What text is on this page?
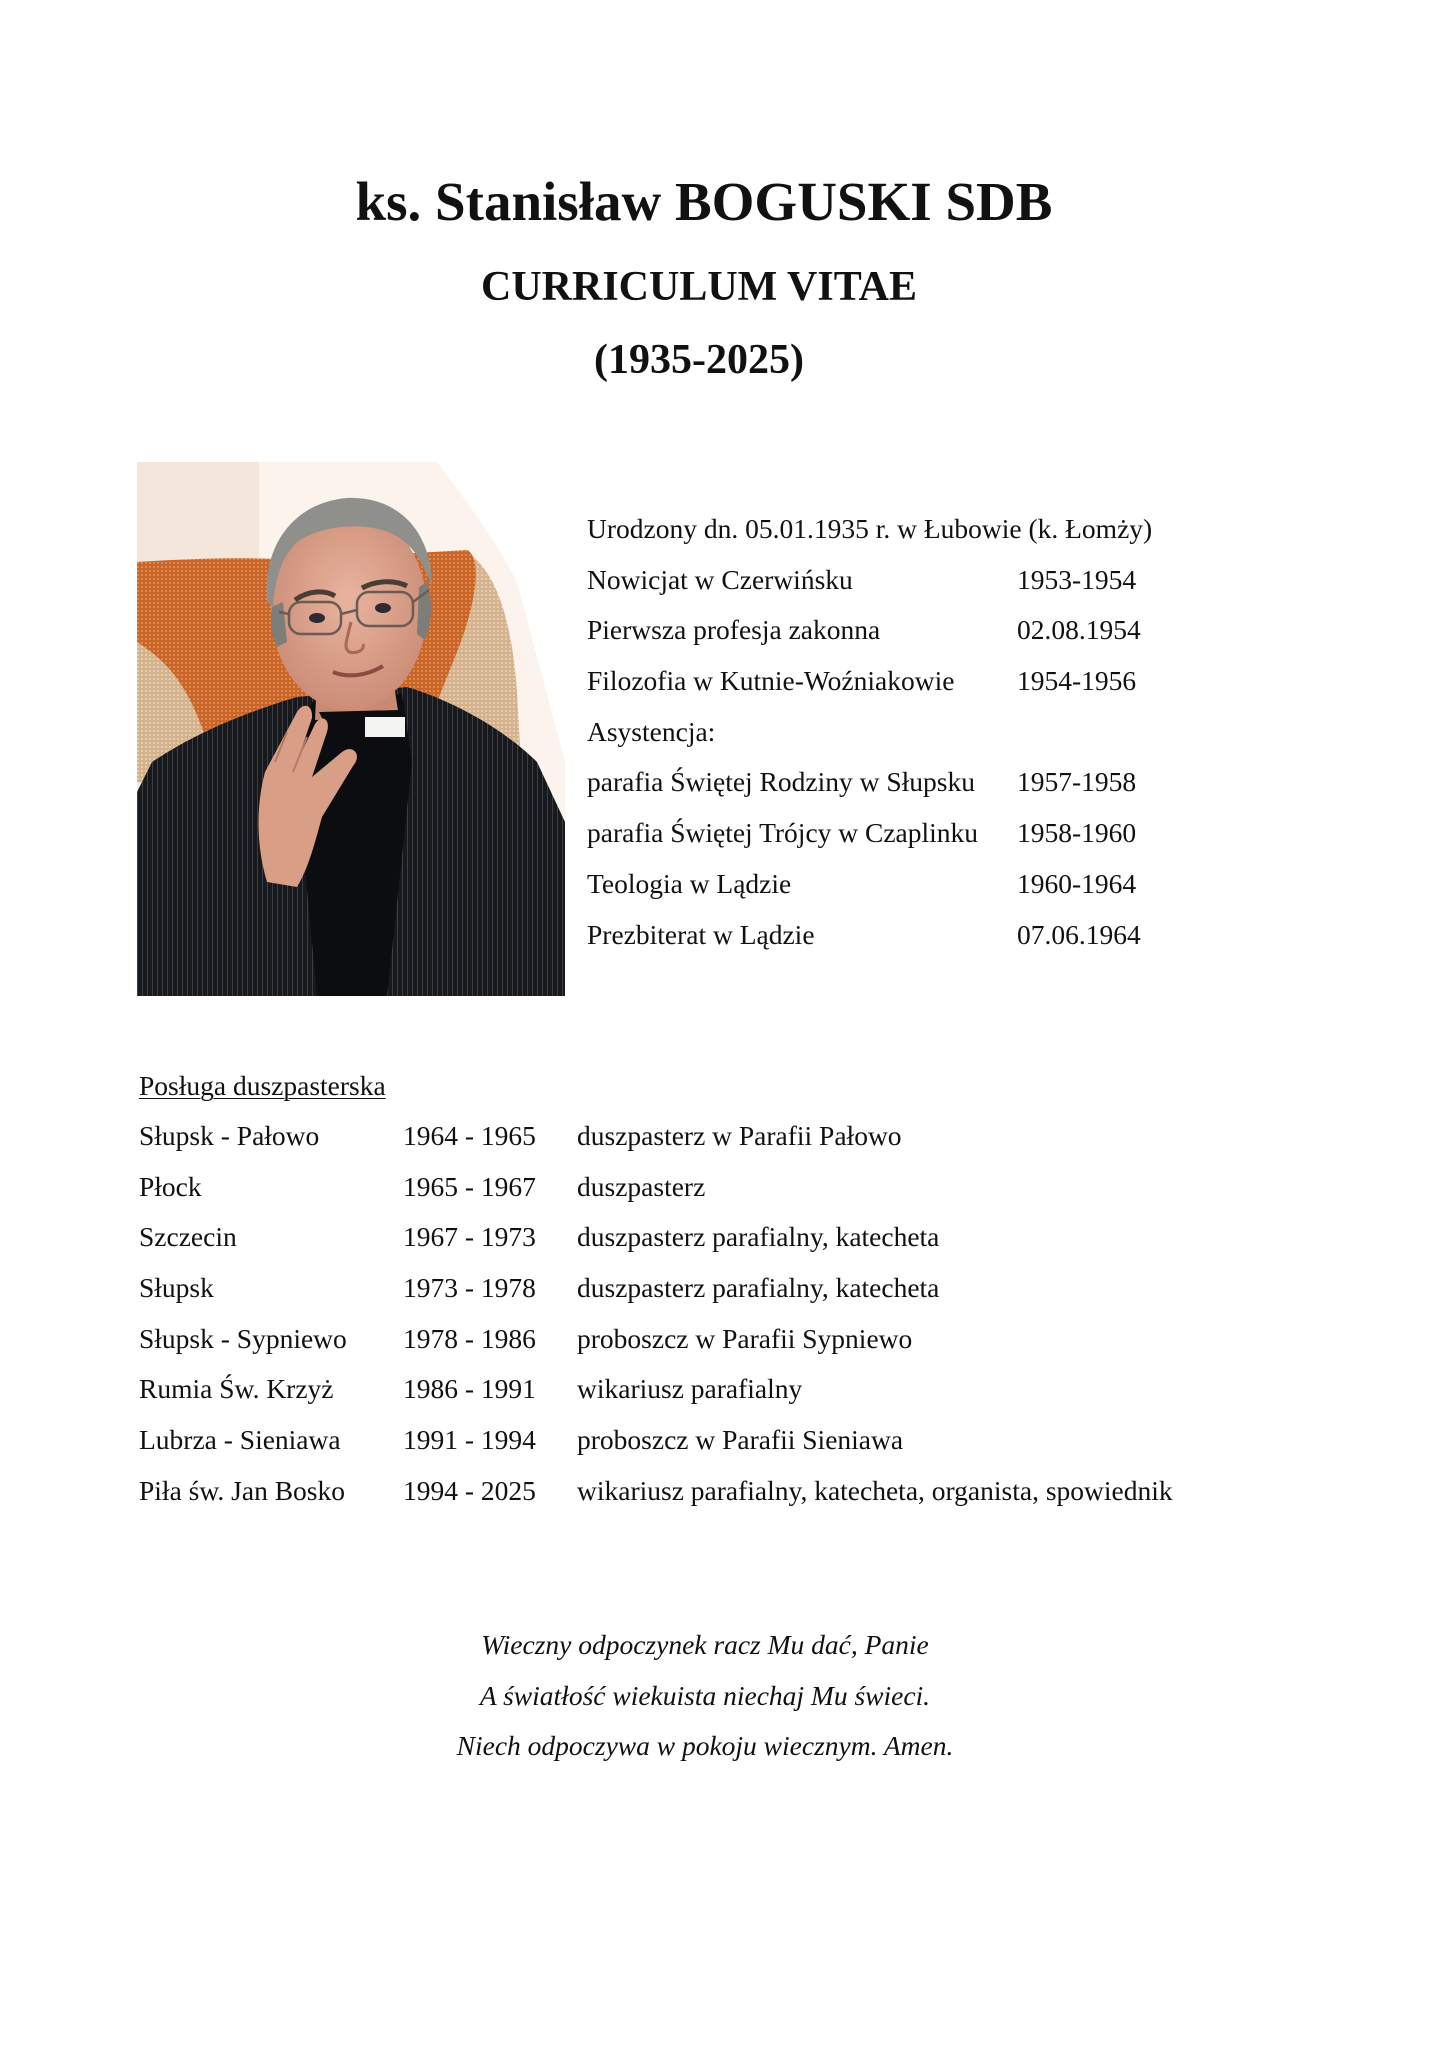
ks. Stanisław BOGUSKI SDB
CURRICULUM VITAE
(1935-2025)
Urodzony dn. 05.01.1935 r. w Łubowie (k. Łomży)
Nowicjat w Czerwińsku	1953-1954
Pierwsza profesja zakonna	02.08.1954
Filozofia w Kutnie-Woźniakowie 1954-1956
Asystencja:
parafia Świętej Rodziny w Słupsku 1957-1958
parafia Świętej Trójcy w Czaplinku 1958-1960
Teologia w Lądzie	1960-1964
Prezbiterat w Lądzie	07.06.1964
Posługa duszpasterska
Słupsk - Pałowo	1964 - 1965 duszpasterz w Parafii Pałowo
Płock	1965 - 1967 duszpasterz
Szczecin	1967 - 1973 duszpasterz parafialny, katecheta
Słupsk	1973 - 1978 duszpasterz parafialny, katecheta
Słupsk - Sypniewo 1978 - 1986 proboszcz w Parafii Sypniewo
Rumia Św. Krzyż	1986 - 1991 wikariusz parafialny
Lubrza - Sieniawa 1991 - 1994 proboszcz w Parafii Sieniawa
Piła św. Jan Bosko 1994 - 2025 wikariusz parafialny, katecheta, organista, spowiednik
Wieczny odpoczynek racz Mu dać, Panie
A światłość wiekuista niechaj Mu świeci.
Niech odpoczywa w pokoju wiecznym. Amen.
